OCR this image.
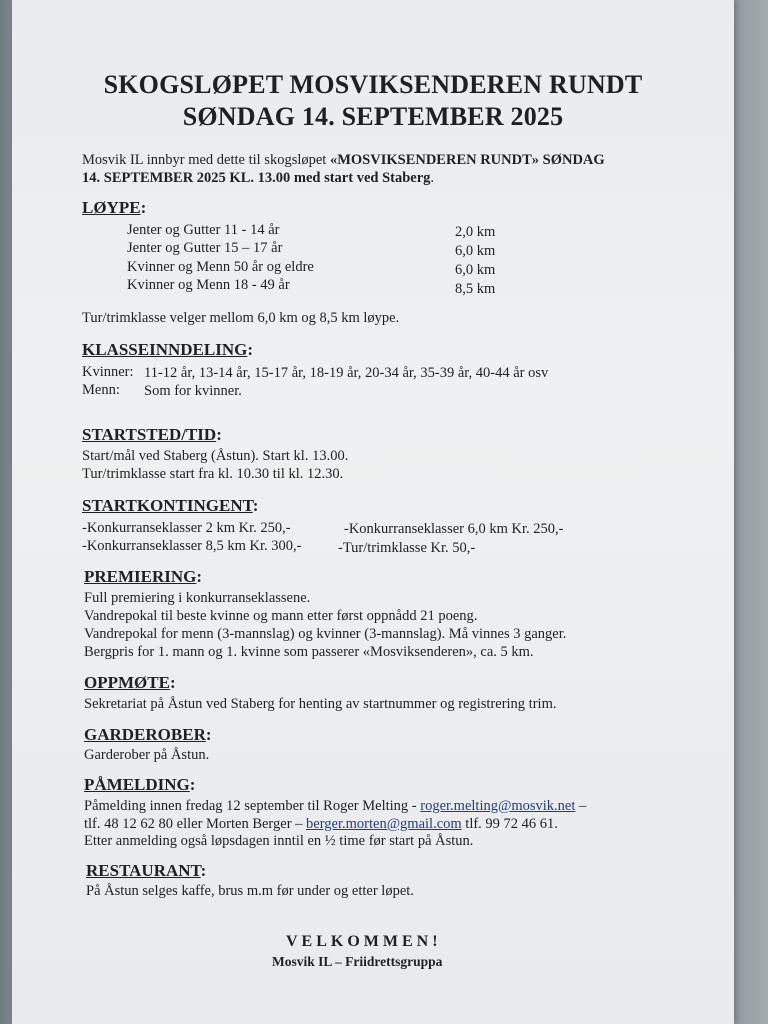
SKOGSLØPET MOSVIKSENDEREN RUNDT
SØNDAG 14. SEPTEMBER 2025
Mosvik IL innbyr med dette til skogsløpet «MOSVIKSENDEREN RUNDT» SØNDAG
14. SEPTEMBER 2025 KL. 13.00 med start ved Staberg.
LØYPE:
Jenter og Gutter 11 - 14 år	2,0 km
Jenter og Gutter 15 – 17 år	6,0 km
Kvinner og Menn 50 år og eldre	6,0 km
Kvinner og Menn 18 - 49 år	8,5 km
Tur/trimklasse velger mellom 6,0 km og 8,5 km løype.
KLASSEINNDELING:
Kvinner: 11-12 år, 13-14 år, 15-17 år, 18-19 år, 20-34 år, 35-39 år, 40-44 år osv
Menn: Som for kvinner.
STARTSTED/TID:
Start/mål ved Staberg (Åstun). Start kl. 13.00.
Tur/trimklasse start fra kl. 10.30 til kl. 12.30.
STARTKONTINGENT:
-Konkurranseklasser 2 km Kr. 250,-	-Konkurranseklasser 6,0 km Kr. 250,-
-Konkurranseklasser 8,5 km Kr. 300,-	-Tur/trimklasse Kr. 50,-
PREMIERING:
Full premiering i konkurranseklassene.
Vandrepokal til beste kvinne og mann etter først oppnådd 21 poeng.
Vandrepokal for menn (3-mannslag) og kvinner (3-mannslag). Må vinnes 3 ganger.
Bergpris for 1. mann og 1. kvinne som passerer «Mosviksenderen», ca. 5 km.
OPPMØTE:
Sekretariat på Åstun ved Staberg for henting av startnummer og registrering trim.
GARDEROBER:
Garderober på Åstun.
PÅMELDING:
Påmelding innen fredag 12 september til Roger Melting - roger.melting@mosvik.net –
tlf. 48 12 62 80 eller Morten Berger – berger.morten@gmail.com tlf. 99 72 46 61.
Etter anmelding også løpsdagen inntil en ½ time før start på Åstun.
RESTAURANT:
På Åstun selges kaffe, brus m.m før under og etter løpet.
VELKOMMEN!
Mosvik IL – Friidrettsgruppa
